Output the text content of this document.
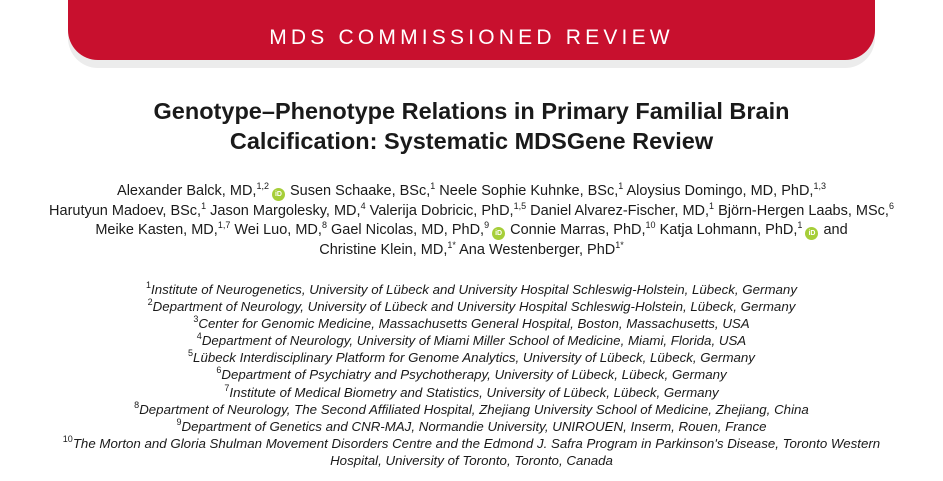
MDS COMMISSIONED REVIEW
Genotype–Phenotype Relations in Primary Familial Brain
Calcification: Systematic MDSGene Review
Alexander Balck, MD,$^{1,2}$iD Susen Schaake, BSc,$^1$ Neele Sophie Kuhnke, BSc,$^1$ Aloysius Domingo, MD, PhD,$^{1,3}$ Harutyun Madoev, BSc,$^1$ Jason Margolesky, MD,$^4$ Valerija Dobricic, PhD,$^{1,5}$ Daniel Alvarez-Fischer, MD,$^1$ Björn-Hergen Laabs, MSc,$^6$ Meike Kasten, MD,$^{1,7}$ Wei Luo, MD,$^8$ Gael Nicolas, MD, PhD,$^9$iD Connie Marras, PhD,$^{10}$ Katja Lohmann, PhD,$^1$iD and Christine Klein, MD,$^{1*}$ Ana Westenberger, PhD$^{1*}$
$^1$Institute of Neurogenetics, University of Lübeck and University Hospital Schleswig-Holstein, Lübeck, Germany
$^2$Department of Neurology, University of Lübeck and University Hospital Schleswig-Holstein, Lübeck, Germany
$^3$Center for Genomic Medicine, Massachusetts General Hospital, Boston, Massachusetts, USA
$^4$Department of Neurology, University of Miami Miller School of Medicine, Miami, Florida, USA
$^5$Lübeck Interdisciplinary Platform for Genome Analytics, University of Lübeck, Lübeck, Germany
$^6$Department of Psychiatry and Psychotherapy, University of Lübeck, Lübeck, Germany
$^7$Institute of Medical Biometry and Statistics, University of Lübeck, Lübeck, Germany
$^8$Department of Neurology, The Second Affiliated Hospital, Zhejiang University School of Medicine, Zhejiang, China
$^9$Department of Genetics and CNR-MAJ, Normandie University, UNIROUEN, Inserm, Rouen, France
$^{10}$The Morton and Gloria Shulman Movement Disorders Centre and the Edmond J. Safra Program in Parkinson's Disease, Toronto Western Hospital, University of Toronto, Toronto, Canada
